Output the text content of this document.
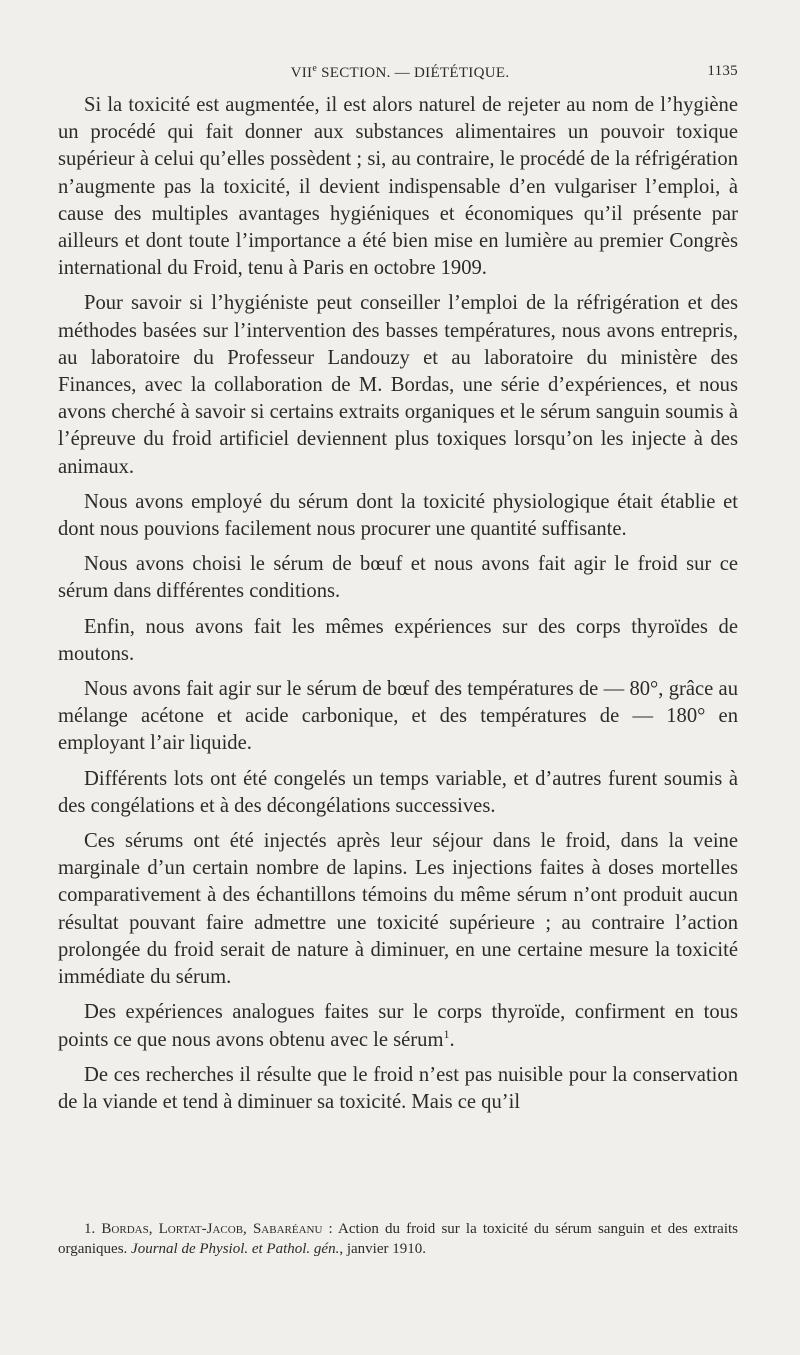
VIIe SECTION. — DIÉTÉTIQUE.	1135

Si la toxicité est augmentée, il est alors naturel de rejeter au nom de l’hygiène un procédé qui fait donner aux substances alimentaires un pouvoir toxique supérieur à celui qu’elles possèdent ; si, au contraire, le procédé de la réfrigération n’augmente pas la toxicité, il devient indispensable d’en vulgariser l’emploi, à cause des multiples avantages hygiéniques et économiques qu’il présente par ailleurs et dont toute l’importance a été bien mise en lumière au premier Congrès international du Froid, tenu à Paris en octobre 1909.

Pour savoir si l’hygiéniste peut conseiller l’emploi de la réfrigération et des méthodes basées sur l’intervention des basses températures, nous avons entrepris, au laboratoire du Professeur Landouzy et au laboratoire du ministère des Finances, avec la collaboration de M. Bordas, une série d’expériences, et nous avons cherché à savoir si certains extraits organiques et le sérum sanguin soumis à l’épreuve du froid artificiel deviennent plus toxiques lorsqu’on les injecte à des animaux.

Nous avons employé du sérum dont la toxicité physiologique était établie et dont nous pouvions facilement nous procurer une quantité suffisante.

Nous avons choisi le sérum de bœuf et nous avons fait agir le froid sur ce sérum dans différentes conditions.

Enfin, nous avons fait les mêmes expériences sur des corps thyroïdes de moutons.

Nous avons fait agir sur le sérum de bœuf des températures de — 80°, grâce au mélange acétone et acide carbonique, et des températures de — 180° en employant l’air liquide.

Différents lots ont été congelés un temps variable, et d’autres furent soumis à des congélations et à des décongélations successives.

Ces sérums ont été injectés après leur séjour dans le froid, dans la veine marginale d’un certain nombre de lapins. Les injections faites à doses mortelles comparativement à des échantillons témoins du même sérum n’ont produit aucun résultat pouvant faire admettre une toxicité supérieure ; au contraire l’action prolongée du froid serait de nature à diminuer, en une certaine mesure la toxicité immédiate du sérum.

Des expériences analogues faites sur le corps thyroïde, confirment en tous points ce que nous avons obtenu avec le sérum$^1$.

De ces recherches il résulte que le froid n’est pas nuisible pour la conservation de la viande et tend à diminuer sa toxicité. Mais ce qu’il

1. Bordas, Lortat-Jacob, Sabaréanu : Action du froid sur la toxicité du sérum sanguin et des extraits organiques. Journal de Physiol. et Pathol. gén., janvier 1910.
